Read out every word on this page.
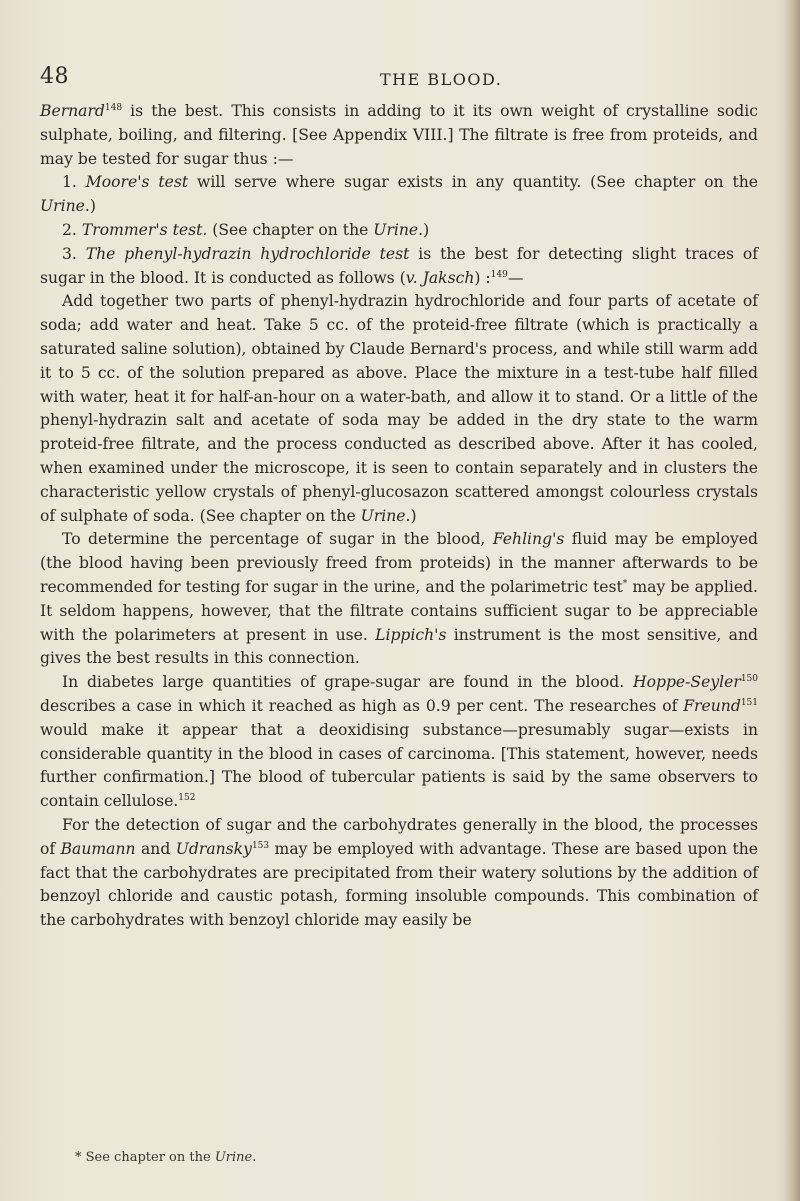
48	THE BLOOD.

Bernard$^{148}$ is the best. This consists in adding to it its own weight of crystalline sodic sulphate, boiling, and filtering. [See Appendix VIII.] The filtrate is free from proteids, and may be tested for sugar thus :—

1. Moore's test will serve where sugar exists in any quantity. (See chapter on the Urine.)

2. Trommer's test. (See chapter on the Urine.)

3. The phenyl-hydrazin hydrochloride test is the best for detecting slight traces of sugar in the blood. It is conducted as follows (v. Jaksch) :$^{149}$—

Add together two parts of phenyl-hydrazin hydrochloride and four parts of acetate of soda; add water and heat. Take 5 cc. of the proteid-free filtrate (which is practically a saturated saline solution), obtained by Claude Bernard's process, and while still warm add it to 5 cc. of the solution prepared as above. Place the mixture in a test-tube half filled with water, heat it for half-an-hour on a water-bath, and allow it to stand. Or a little of the phenyl-hydrazin salt and acetate of soda may be added in the dry state to the warm proteid-free filtrate, and the process conducted as described above. After it has cooled, when examined under the microscope, it is seen to contain separately and in clusters the characteristic yellow crystals of phenyl-glucosazon scattered amongst colourless crystals of sulphate of soda. (See chapter on the Urine.)

To determine the percentage of sugar in the blood, Fehling's fluid may be employed (the blood having been previously freed from proteids) in the manner afterwards to be recommended for testing for sugar in the urine, and the polarimetric test* may be applied. It seldom happens, however, that the filtrate contains sufficient sugar to be appreciable with the polarimeters at present in use. Lippich's instrument is the most sensitive, and gives the best results in this connection.

In diabetes large quantities of grape-sugar are found in the blood. Hoppe-Seyler$^{150}$ describes a case in which it reached as high as 0.9 per cent. The researches of Freund$^{151}$ would make it appear that a deoxidising substance—presumably sugar—exists in considerable quantity in the blood in cases of carcinoma. [This statement, however, needs further confirmation.] The blood of tubercular patients is said by the same observers to contain cellulose.$^{152}$

For the detection of sugar and the carbohydrates generally in the blood, the processes of Baumann and Udransky$^{153}$ may be employed with advantage. These are based upon the fact that the carbohydrates are precipitated from their watery solutions by the addition of benzoyl chloride and caustic potash, forming insoluble compounds. This combination of the carbohydrates with benzoyl chloride may easily be

* See chapter on the Urine.
